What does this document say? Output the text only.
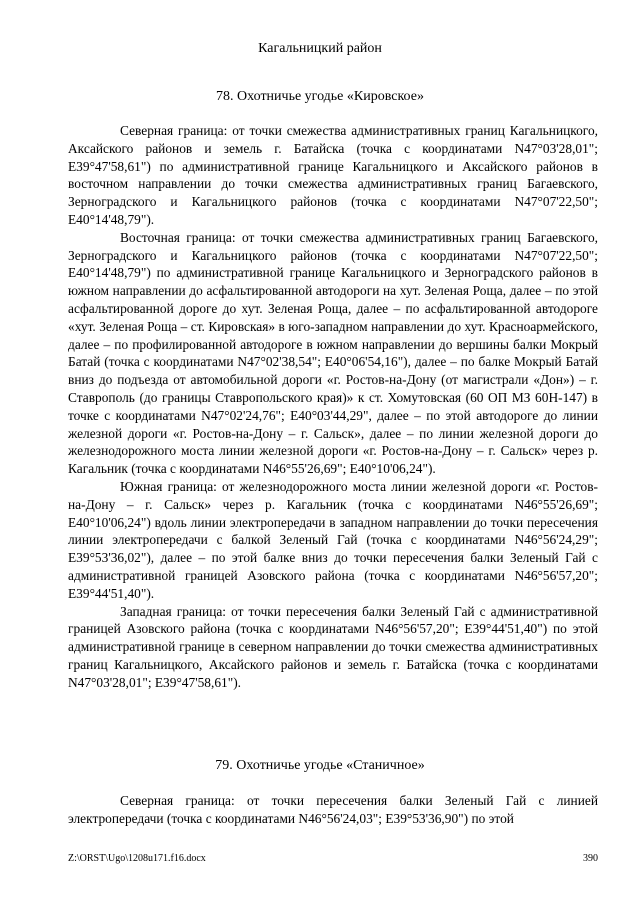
Кагальницкий район
78. Охотничье угодье «Кировское»

Северная граница: от точки смежества административных границ Кагальницкого, Аксайского районов и земель г. Батайска (точка с координатами N47°03'28,01"; E39°47'58,61") по административной границе Кагальницкого и Аксайского районов в восточном направлении до точки смежества административных границ Багаевского, Зерноградского и Кагальницкого районов (точка с координатами N47°07'22,50"; E40°14'48,79").

Восточная граница: от точки смежества административных границ Багаевского, Зерноградского и Кагальницкого районов (точка с координатами N47°07'22,50"; E40°14'48,79") по административной границе Кагальницкого и Зерноградского районов в южном направлении до асфальтированной автодороги на хут. Зеленая Роща, далее – по этой асфальтированной дороге до хут. Зеленая Роща, далее – по асфальтированной автодороге «хут. Зеленая Роща – ст. Кировская» в юго-западном направлении до хут. Красноармейского, далее – по профилированной автодороге в южном направлении до вершины балки Мокрый Батай (точка с координатами N47°02'38,54"; E40°06'54,16"), далее – по балке Мокрый Батай вниз до подъезда от автомобильной дороги «г. Ростов-на-Дону (от магистрали «Дон») – г. Ставрополь (до границы Ставропольского края)» к ст. Хомутовская (60 ОП МЗ 60Н-147) в точке с координатами N47°02'24,76"; E40°03'44,29", далее – по этой автодороге до линии железной дороги «г. Ростов-на-Дону – г. Сальск», далее – по линии железной дороги до железнодорожного моста линии железной дороги «г. Ростов-на-Дону – г. Сальск» через р. Кагальник (точка с координатами N46°55'26,69"; E40°10'06,24").

Южная граница: от железнодорожного моста линии железной дороги «г. Ростов-на-Дону – г. Сальск» через р. Кагальник (точка с координатами N46°55'26,69"; E40°10'06,24") вдоль линии электропередачи в западном направлении до точки пересечения линии электропередачи с балкой Зеленый Гай (точка с координатами N46°56'24,29"; E39°53'36,02"), далее – по этой балке вниз до точки пересечения балки Зеленый Гай с административной границей Азовского района (точка с координатами N46°56'57,20"; E39°44'51,40").

Западная граница: от точки пересечения балки Зеленый Гай с административной границей Азовского района (точка с координатами N46°56'57,20"; E39°44'51,40") по этой административной границе в северном направлении до точки смежества административных границ Кагальницкого, Аксайского районов и земель г. Батайска (точка с координатами N47°03'28,01"; E39°47'58,61").

79. Охотничье угодье «Станичное»

Северная граница: от точки пересечения балки Зеленый Гай с линией электропередачи (точка с координатами N46°56'24,03"; E39°53'36,90") по этой

Z:\ORST\Ugo\1208u171.f16.docx	390
